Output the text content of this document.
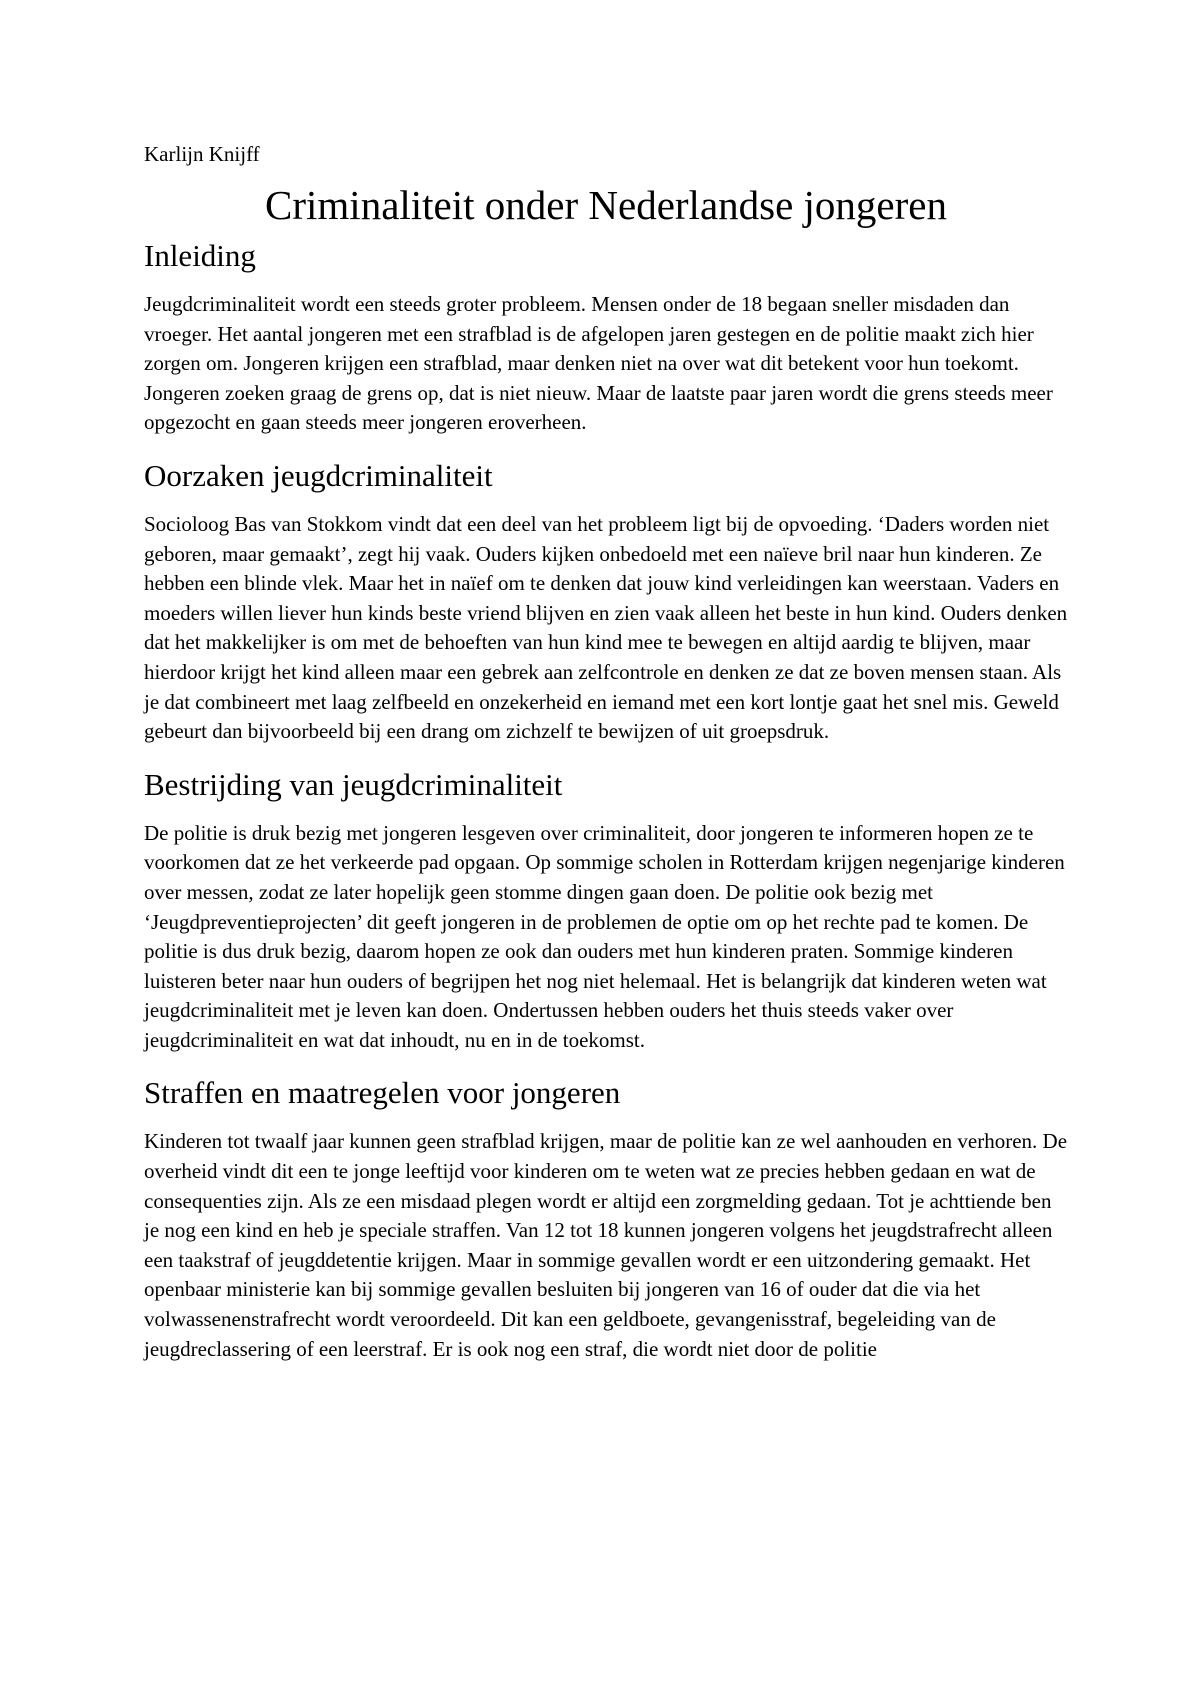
Karlijn Knijff
Criminaliteit onder Nederlandse jongeren
Inleiding

Jeugdcriminaliteit wordt een steeds groter probleem. Mensen onder de 18 begaan sneller misdaden dan vroeger. Het aantal jongeren met een strafblad is de afgelopen jaren gestegen en de politie maakt zich hier zorgen om. Jongeren krijgen een strafblad, maar denken niet na over wat dit betekent voor hun toekomt. Jongeren zoeken graag de grens op, dat is niet nieuw. Maar de laatste paar jaren wordt die grens steeds meer opgezocht en gaan steeds meer jongeren eroverheen.

Oorzaken jeugdcriminaliteit

Socioloog Bas van Stokkom vindt dat een deel van het probleem ligt bij de opvoeding. ‘Daders worden niet geboren, maar gemaakt’, zegt hij vaak. Ouders kijken onbedoeld met een naïeve bril naar hun kinderen. Ze hebben een blinde vlek. Maar het in naïef om te denken dat jouw kind verleidingen kan weerstaan. Vaders en moeders willen liever hun kinds beste vriend blijven en zien vaak alleen het beste in hun kind. Ouders denken dat het makkelijker is om met de behoeften van hun kind mee te bewegen en altijd aardig te blijven, maar hierdoor krijgt het kind alleen maar een gebrek aan zelfcontrole en denken ze dat ze boven mensen staan. Als je dat combineert met laag zelfbeeld en onzekerheid en iemand met een kort lontje gaat het snel mis. Geweld gebeurt dan bijvoorbeeld bij een drang om zichzelf te bewijzen of uit groepsdruk.

Bestrijding van jeugdcriminaliteit

De politie is druk bezig met jongeren lesgeven over criminaliteit, door jongeren te informeren hopen ze te voorkomen dat ze het verkeerde pad opgaan. Op sommige scholen in Rotterdam krijgen negenjarige kinderen over messen, zodat ze later hopelijk geen stomme dingen gaan doen. De politie ook bezig met ‘Jeugdpreventieprojecten’ dit geeft jongeren in de problemen de optie om op het rechte pad te komen. De politie is dus druk bezig, daarom hopen ze ook dan ouders met hun kinderen praten. Sommige kinderen luisteren beter naar hun ouders of begrijpen het nog niet helemaal. Het is belangrijk dat kinderen weten wat jeugdcriminaliteit met je leven kan doen. Ondertussen hebben ouders het thuis steeds vaker over jeugdcriminaliteit en wat dat inhoudt, nu en in de toekomst.

Straffen en maatregelen voor jongeren

Kinderen tot twaalf jaar kunnen geen strafblad krijgen, maar de politie kan ze wel aanhouden en verhoren. De overheid vindt dit een te jonge leeftijd voor kinderen om te weten wat ze precies hebben gedaan en wat de consequenties zijn. Als ze een misdaad plegen wordt er altijd een zorgmelding gedaan. Tot je achttiende ben je nog een kind en heb je speciale straffen. Van 12 tot 18 kunnen jongeren volgens het jeugdstrafrecht alleen een taakstraf of jeugddetentie krijgen. Maar in sommige gevallen wordt er een uitzondering gemaakt. Het openbaar ministerie kan bij sommige gevallen besluiten bij jongeren van 16 of ouder dat die via het volwassenenstrafrecht wordt veroordeeld. Dit kan een geldboete, gevangenisstraf, begeleiding van de jeugdreclassering of een leerstraf. Er is ook nog een straf, die wordt niet door de politie
